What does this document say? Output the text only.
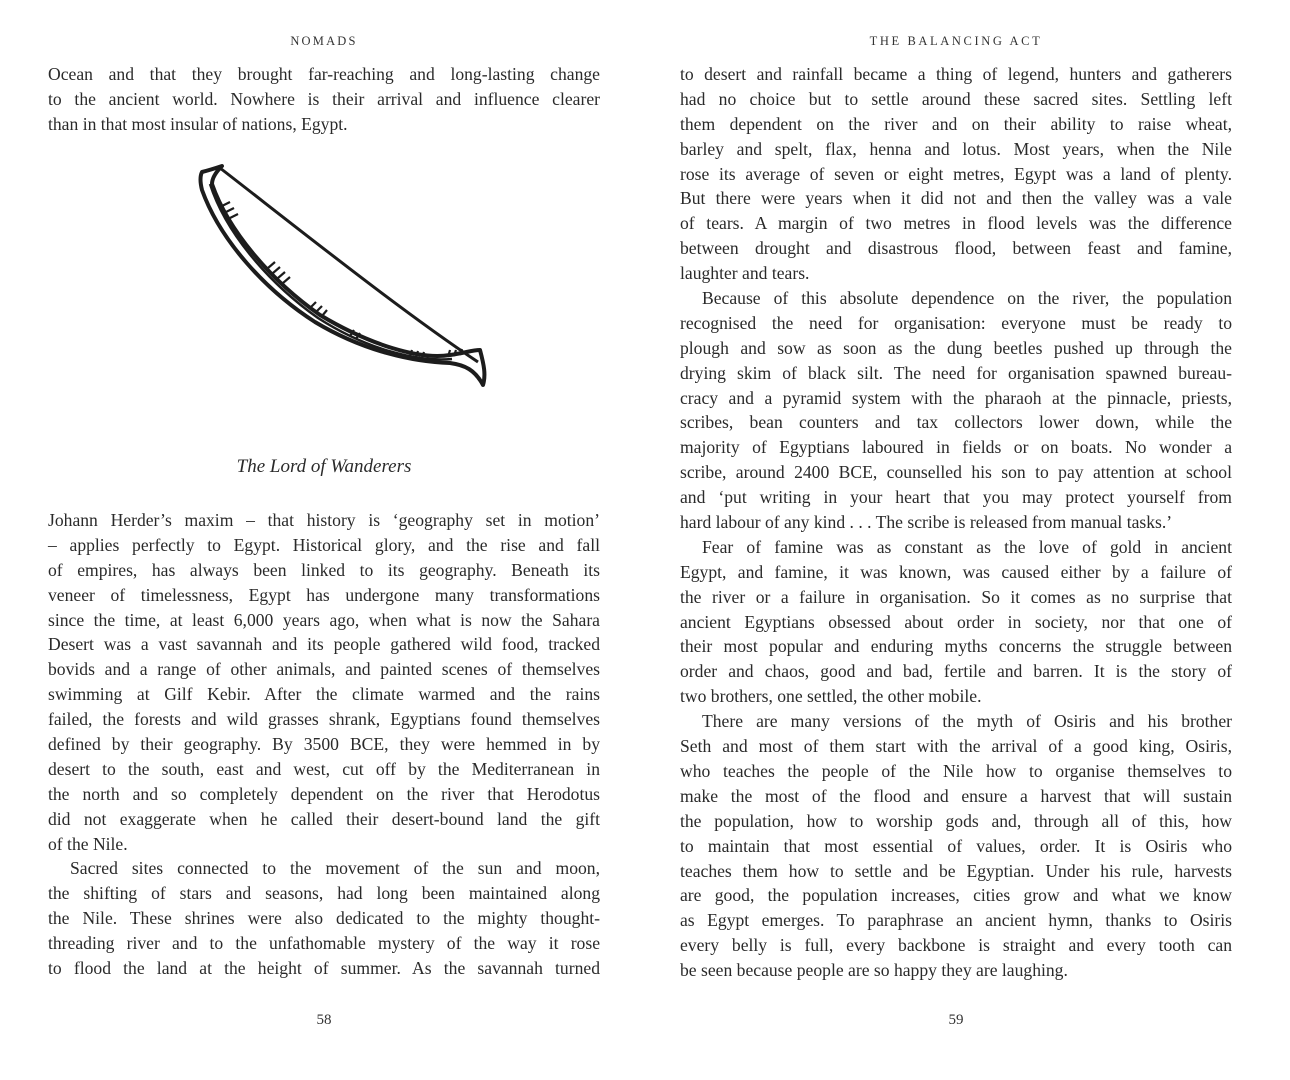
NOMADS
Ocean and that they brought far-reaching and long-lasting change
to the ancient world. Nowhere is their arrival and influence clearer
than in that most insular of nations, Egypt.
The Lord of Wanderers
Johann Herder’s maxim – that history is ‘geography set in motion’
– applies perfectly to Egypt. Historical glory, and the rise and fall
of empires, has always been linked to its geography. Beneath its
veneer of timelessness, Egypt has undergone many transformations
since the time, at least 6,000 years ago, when what is now the Sahara
Desert was a vast savannah and its people gathered wild food, tracked
bovids and a range of other animals, and painted scenes of themselves
swimming at Gilf Kebir. After the climate warmed and the rains
failed, the forests and wild grasses shrank, Egyptians found themselves
defined by their geography. By 3500 BCE, they were hemmed in by
desert to the south, east and west, cut off by the Mediterranean in
the north and so completely dependent on the river that Herodotus
did not exaggerate when he called their desert-bound land the gift
of the Nile.
Sacred sites connected to the movement of the sun and moon,
the shifting of stars and seasons, had long been maintained along
the Nile. These shrines were also dedicated to the mighty thought-
threading river and to the unfathomable mystery of the way it rose
to flood the land at the height of summer. As the savannah turned
58
THE BALANCING ACT
to desert and rainfall became a thing of legend, hunters and gatherers
had no choice but to settle around these sacred sites. Settling left
them dependent on the river and on their ability to raise wheat,
barley and spelt, flax, henna and lotus. Most years, when the Nile
rose its average of seven or eight metres, Egypt was a land of plenty.
But there were years when it did not and then the valley was a vale
of tears. A margin of two metres in flood levels was the difference
between drought and disastrous flood, between feast and famine,
laughter and tears.
Because of this absolute dependence on the river, the population
recognised the need for organisation: everyone must be ready to
plough and sow as soon as the dung beetles pushed up through the
drying skim of black silt. The need for organisation spawned bureau-
cracy and a pyramid system with the pharaoh at the pinnacle, priests,
scribes, bean counters and tax collectors lower down, while the
majority of Egyptians laboured in fields or on boats. No wonder a
scribe, around 2400 BCE, counselled his son to pay attention at school
and ‘put writing in your heart that you may protect yourself from
hard labour of any kind . . . The scribe is released from manual tasks.’
Fear of famine was as constant as the love of gold in ancient
Egypt, and famine, it was known, was caused either by a failure of
the river or a failure in organisation. So it comes as no surprise that
ancient Egyptians obsessed about order in society, nor that one of
their most popular and enduring myths concerns the struggle between
order and chaos, good and bad, fertile and barren. It is the story of
two brothers, one settled, the other mobile.
There are many versions of the myth of Osiris and his brother
Seth and most of them start with the arrival of a good king, Osiris,
who teaches the people of the Nile how to organise themselves to
make the most of the flood and ensure a harvest that will sustain
the population, how to worship gods and, through all of this, how
to maintain that most essential of values, order. It is Osiris who
teaches them how to settle and be Egyptian. Under his rule, harvests
are good, the population increases, cities grow and what we know
as Egypt emerges. To paraphrase an ancient hymn, thanks to Osiris
every belly is full, every backbone is straight and every tooth can
be seen because people are so happy they are laughing.
59
